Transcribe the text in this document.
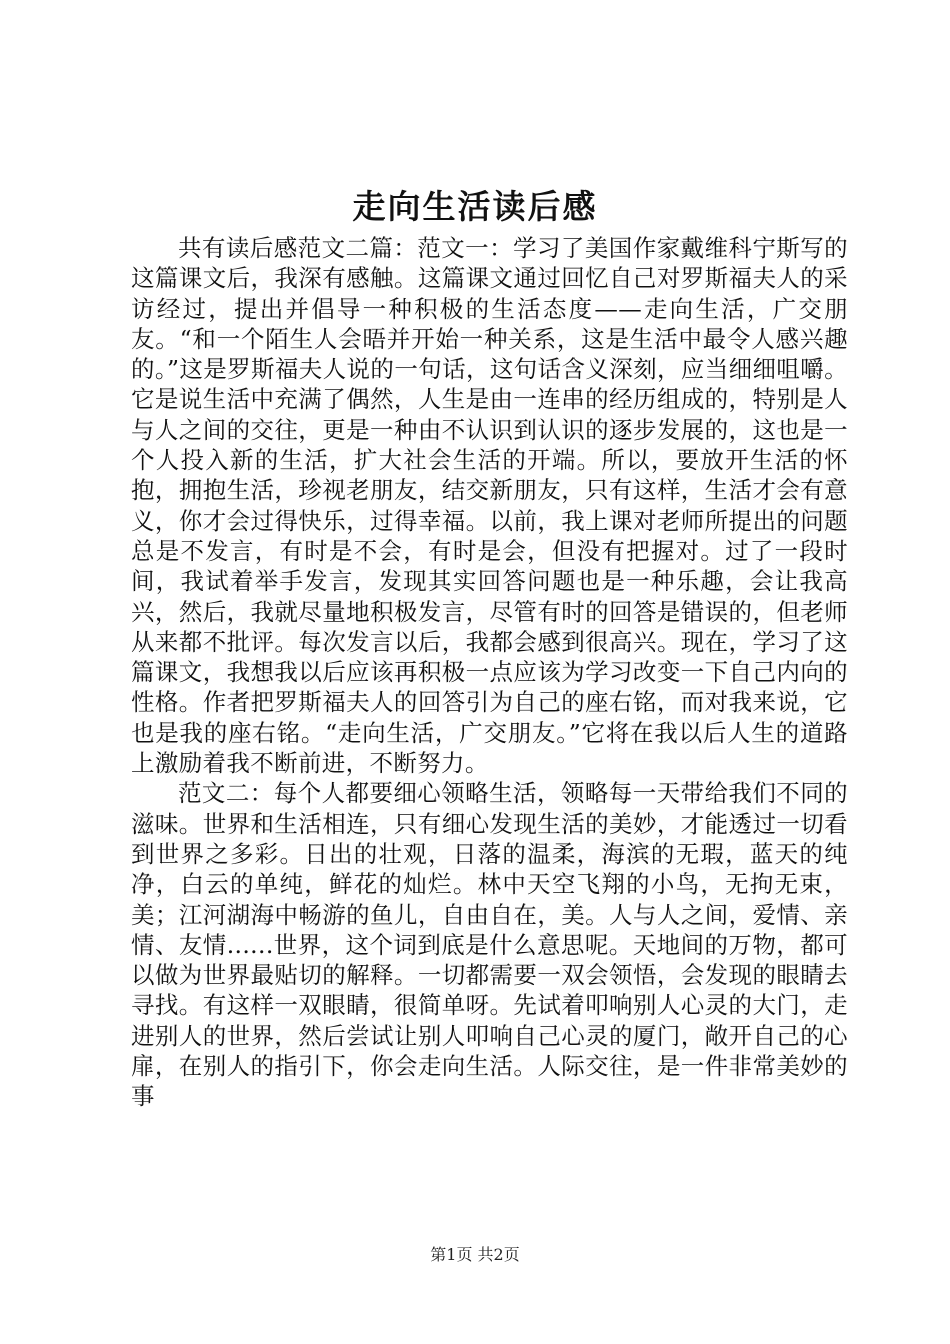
走向生活读后感

共有读后感范文二篇：范文一：学习了美国作家戴维科宁斯写的这篇课文后，我深有感触。这篇课文通过回忆自己对罗斯福夫人的采访经过，提出并倡导一种积极的生活态度——走向生活，广交朋友。“和一个陌生人会晤并开始一种关系，这是生活中最令人感兴趣的。”这是罗斯福夫人说的一句话，这句话含义深刻，应当细细咀嚼。它是说生活中充满了偶然，人生是由一连串的经历组成的，特别是人与人之间的交往，更是一种由不认识到认识的逐步发展的，这也是一个人投入新的生活，扩大社会生活的开端。所以，要放开生活的怀抱，拥抱生活，珍视老朋友，结交新朋友，只有这样，生活才会有意义，你才会过得快乐，过得幸福。以前，我上课对老师所提出的问题总是不发言，有时是不会，有时是会，但没有把握对。过了一段时间，我试着举手发言，发现其实回答问题也是一种乐趣，会让我高兴，然后，我就尽量地积极发言，尽管有时的回答是错误的，但老师从来都不批评。每次发言以后，我都会感到很高兴。现在，学习了这篇课文，我想我以后应该再积极一点应该为学习改变一下自己内向的性格。作者把罗斯福夫人的回答引为自己的座右铭，而对我来说，它也是我的座右铭。“走向生活，广交朋友。”它将在我以后人生的道路上激励着我不断前进，不断努力。

范文二：每个人都要细心领略生活，领略每一天带给我们不同的滋味。世界和生活相连，只有细心发现生活的美妙，才能透过一切看到世界之多彩。日出的壮观，日落的温柔，海滨的无瑕，蓝天的纯净，白云的单纯，鲜花的灿烂。林中天空飞翔的小鸟，无拘无束，美；江河湖海中畅游的鱼儿，自由自在，美。人与人之间，爱情、亲情、友情......世界，这个词到底是什么意思呢。天地间的万物，都可以做为世界最贴切的解释。一切都需要一双会领悟，会发现的眼睛去寻找。有这样一双眼睛，很简单呀。先试着叩响别人心灵的大门，走进别人的世界，然后尝试让别人叩响自己心灵的厦门，敞开自己的心扉，在别人的指引下，你会走向生活。人际交往，是一件非常美妙的事

第1页 共2页
